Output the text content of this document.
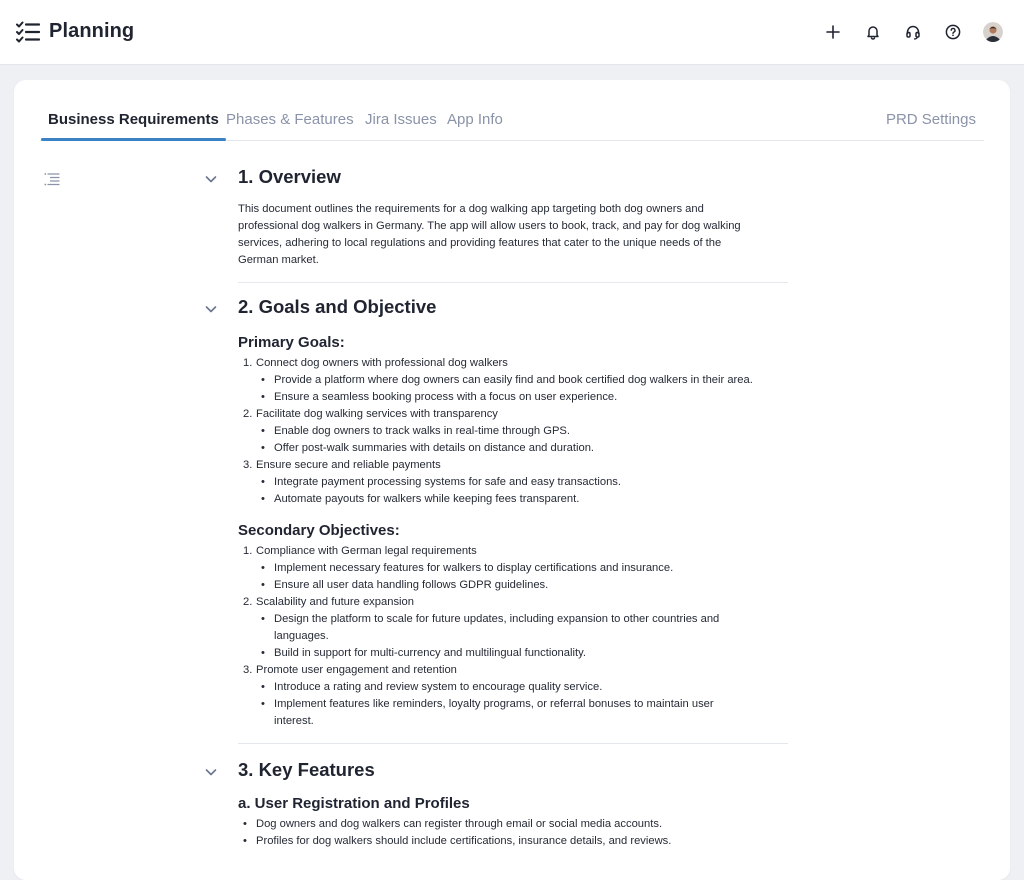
Planning
Business Requirements Phases & Features Jira Issues App Info	PRD Settings
1. Overview

This document outlines the requirements for a dog walking app targeting both dog owners and
professional dog walkers in Germany. The app will allow users to book, track, and pay for dog walking
services, adhering to local regulations and providing features that cater to the unique needs of the
German market.

2. Goals and Objective
Primary Goals:
1. Connect dog owners with professional dog walkers
• Provide a platform where dog owners can easily find and book certified dog walkers in their area.
• Ensure a seamless booking process with a focus on user experience.
2. Facilitate dog walking services with transparency
• Enable dog owners to track walks in real-time through GPS.
• Offer post-walk summaries with details on distance and duration.
3. Ensure secure and reliable payments
• Integrate payment processing systems for safe and easy transactions.
• Automate payouts for walkers while keeping fees transparent.
Secondary Objectives:
1. Compliance with German legal requirements
• Implement necessary features for walkers to display certifications and insurance.
• Ensure all user data handling follows GDPR guidelines.
2. Scalability and future expansion
• Design the platform to scale for future updates, including expansion to other countries and
languages.
• Build in support for multi-currency and multilingual functionality.
3. Promote user engagement and retention
• Introduce a rating and review system to encourage quality service.
• Implement features like reminders, loyalty programs, or referral bonuses to maintain user
interest.
3. Key Features
a. User Registration and Profiles
• Dog owners and dog walkers can register through email or social media accounts.
• Profiles for dog walkers should include certifications, insurance details, and reviews.
